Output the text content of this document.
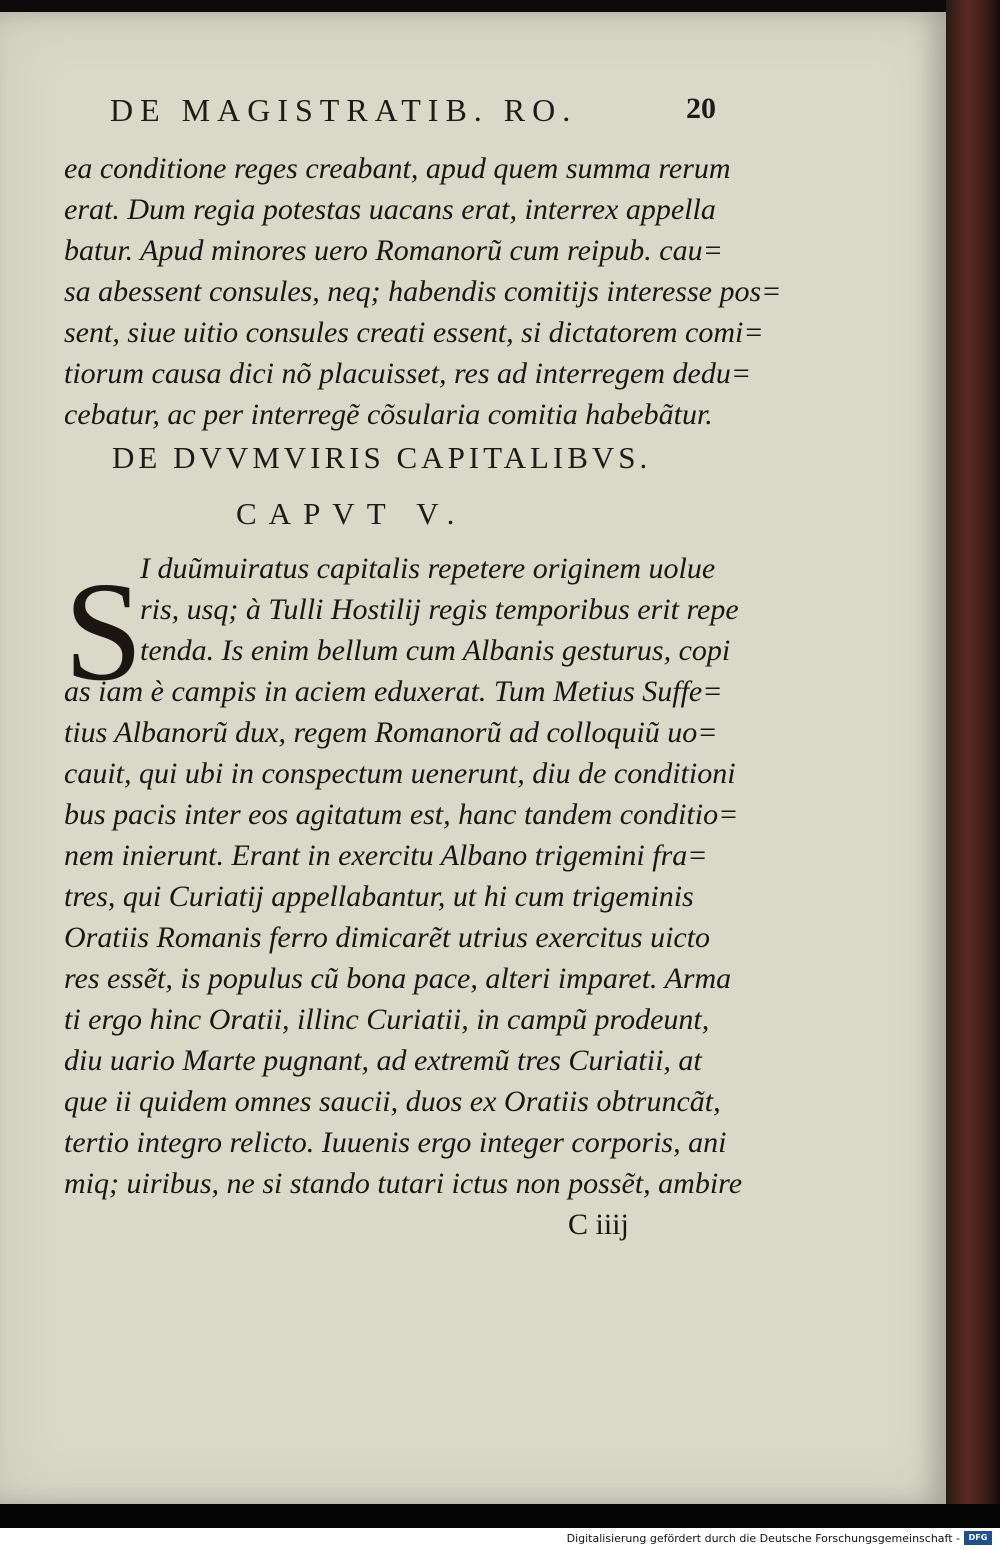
DE MAGISTRATIB. RO.	20
ea conditione reges creabant, apud quem summa rerum
erat. Dum regia potestas uacans erat, interrex appella
batur. Apud minores uero Romanorũ cum reipub. cau=
sa abessent consules, neq; habendis comitijs interesse pos=
sent, siue uitio consules creati essent, si dictatorem comi=
tiorum causa dici nõ placuisset, res ad interregem dedu=
cebatur, ac per interregẽ cõsularia comitia habebãtur.
DE DVVMVIRIS CAPITALIBVS.
CAPVT V.
S
I duũmuiratus capitalis repetere originem uolue
ris, usq; à Tulli Hostilij regis temporibus erit repe
tenda. Is enim bellum cum Albanis gesturus, copi
as iam è campis in aciem eduxerat. Tum Metius Suffe=
tius Albanorũ dux, regem Romanorũ ad colloquiũ uo=
cauit, qui ubi in conspectum uenerunt, diu de conditioni
bus pacis inter eos agitatum est, hanc tandem conditio=
nem inierunt. Erant in exercitu Albano trigemini fra=
tres, qui Curiatij appellabantur, ut hi cum trigeminis
Oratiis Romanis ferro dimicarẽt utrius exercitus uicto
res essẽt, is populus cũ bona pace, alteri imparet. Arma
ti ergo hinc Oratii, illinc Curiatii, in campũ prodeunt,
diu uario Marte pugnant, ad extremũ tres Curiatii, at
que ii quidem omnes saucii, duos ex Oratiis obtruncãt,
tertio integro relicto. Iuuenis ergo integer corporis, ani
miq; uiribus, ne si stando tutari ictus non possẽt, ambire
C iiij
Digitalisierung gefördert durch die Deutsche Forschungsgemeinschaft -	DFG
